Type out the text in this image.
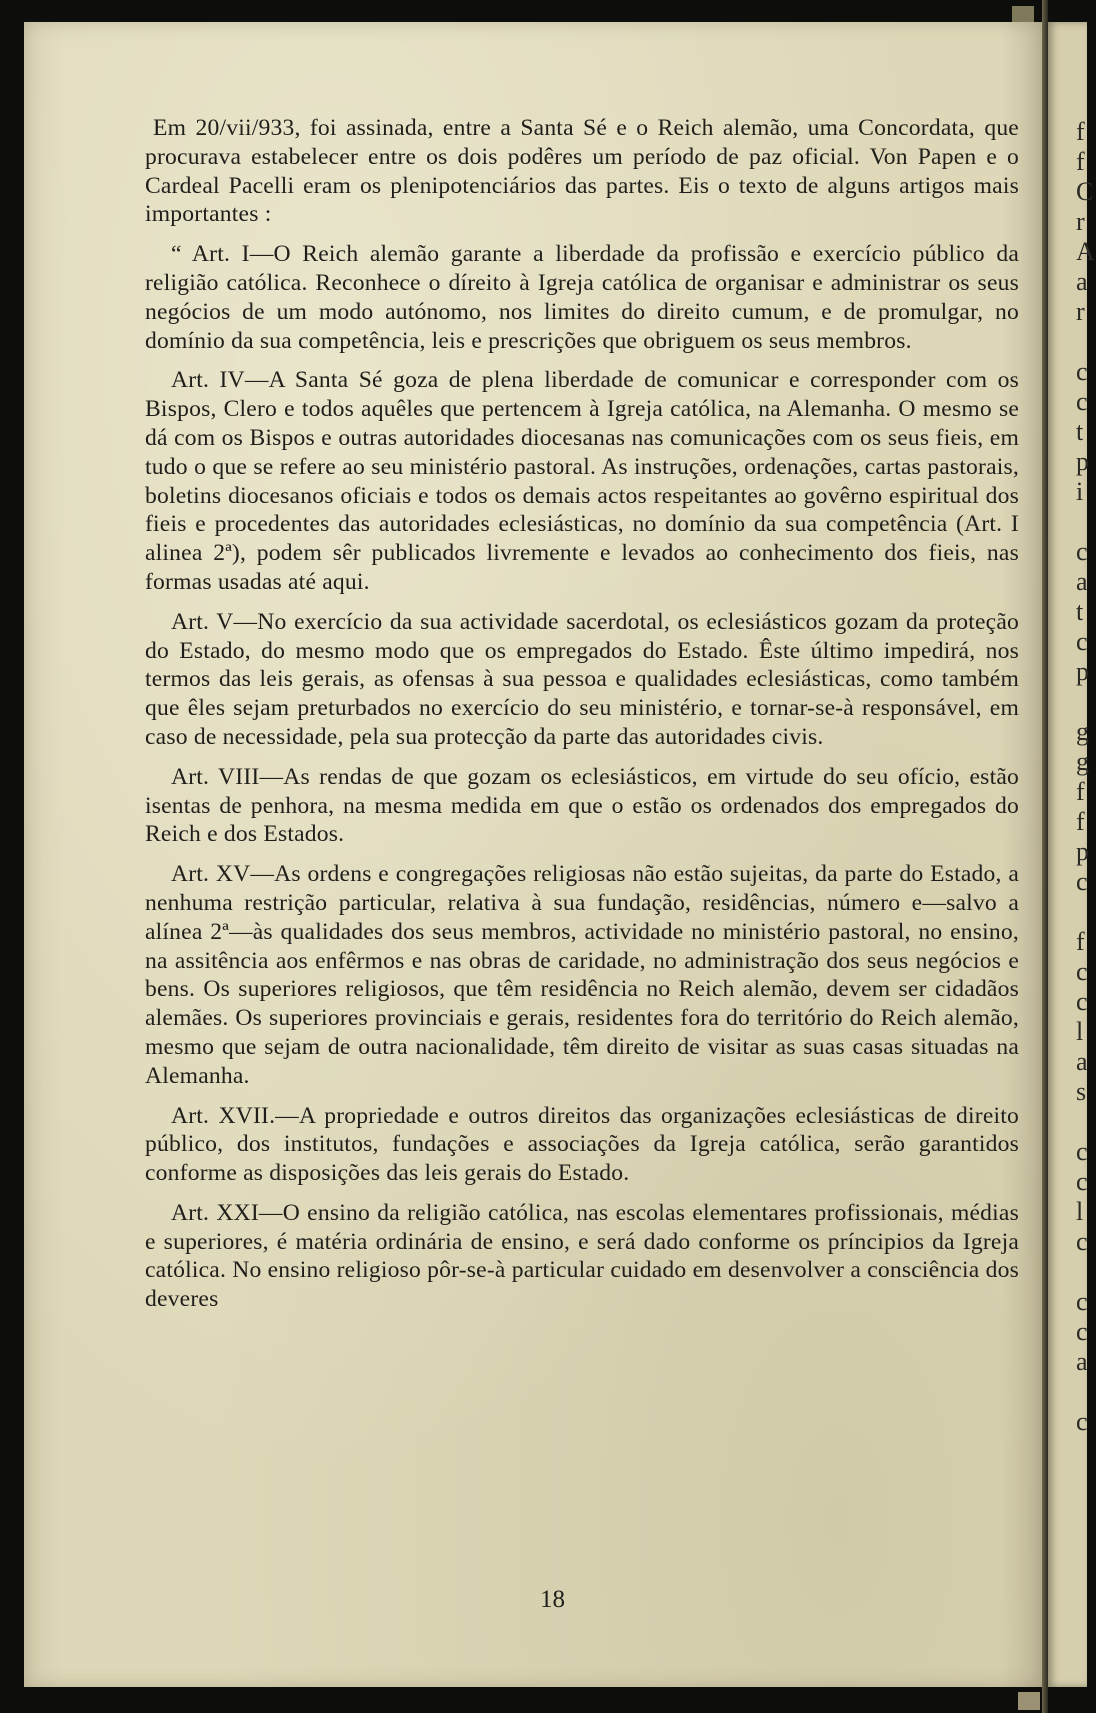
f
f
C
r
A
a
r

c
c
t
p
i

c
a
t
c
p

g
g
f
f
p
c

f
c
c
l
a
s

c
c
l
c

c
c
a

c

Em 20/vii/933, foi assinada, entre a Santa Sé e o Reich alemão, uma Concordata, que procurava estabelecer entre os dois podêres um período de paz oficial. Von Papen e o Cardeal Pacelli eram os plenipotenciários das partes. Eis o texto de alguns artigos mais importantes :

“ Art. I—O Reich alemão garante a liberdade da profissão e exercício público da religião católica. Reconhece o díreito à Igreja católica de organisar e administrar os seus negócios de um modo autónomo, nos limites do direito cumum, e de promulgar, no domínio da sua competência, leis e prescrições que obriguem os seus membros.

Art. IV—A Santa Sé goza de plena liberdade de comunicar e corresponder com os Bispos, Clero e todos aquêles que pertencem à Igreja católica, na Alemanha. O mesmo se dá com os Bispos e outras autoridades diocesanas nas comunicações com os seus fieis, em tudo o que se refere ao seu ministério pastoral. As instruções, ordenações, cartas pastorais, boletins diocesanos oficiais e todos os demais actos respeitantes ao govêrno espiritual dos fieis e procedentes das autoridades eclesiásticas, no domínio da sua competência (Art. I alinea 2ª), podem sêr publicados livremente e levados ao conhecimento dos fieis, nas formas usadas até aqui.

Art. V—No exercício da sua actividade sacerdotal, os eclesiásticos gozam da proteção do Estado, do mesmo modo que os empregados do Estado. Êste último impedirá, nos termos das leis gerais, as ofensas à sua pessoa e qualidades eclesiásticas, como também que êles sejam preturbados no exercício do seu ministério, e tornar-se-à responsável, em caso de necessidade, pela sua protecção da parte das autoridades civis.

Art. VIII—As rendas de que gozam os eclesiásticos, em virtude do seu ofício, estão isentas de penhora, na mesma medida em que o estão os ordenados dos empregados do Reich e dos Estados.

Art. XV—As ordens e congregações religiosas não estão sujeitas, da parte do Estado, a nenhuma restrição particular, relativa à sua fundação, residências, número e—salvo a alínea 2ª—às qualidades dos seus membros, actividade no ministério pastoral, no ensino, na assitência aos enfêrmos e nas obras de caridade, no administração dos seus negócios e bens. Os superiores religiosos, que têm residência no Reich alemão, devem ser cidadãos alemães. Os superiores provinciais e gerais, residentes fora do território do Reich alemão, mesmo que sejam de outra nacionalidade, têm direito de visitar as suas casas situadas na Alemanha.

Art. XVII.—A propriedade e outros direitos das organizações eclesiásticas de direito público, dos institutos, fundações e associações da Igreja católica, serão garantidos conforme as disposições das leis gerais do Estado.

Art. XXI—O ensino da religião católica, nas escolas elementares profissionais, médias e superiores, é matéria ordinária de ensino, e será dado conforme os príncipios da Igreja católica. No ensino religioso pôr-se-à particular cuidado em desenvolver a consciência dos deveres

18
